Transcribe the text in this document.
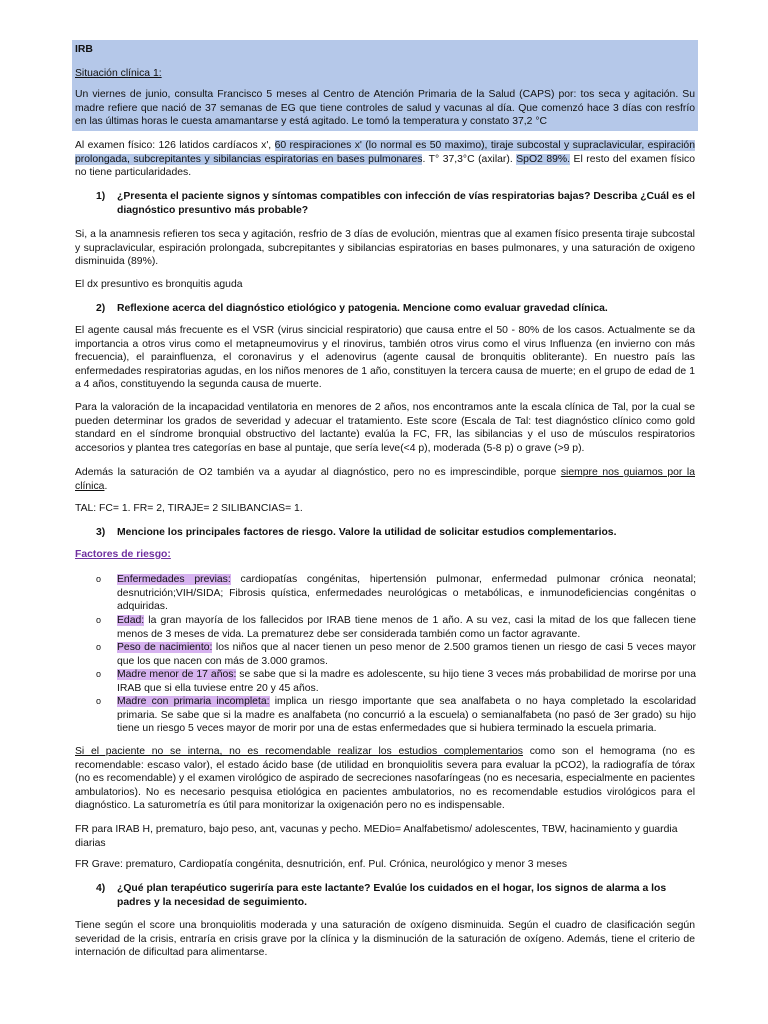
IRB
Situación clínica 1:
Un viernes de junio, consulta Francisco 5 meses al Centro de Atención Primaria de la Salud (CAPS) por: tos seca y agitación. Su madre refiere que nació de 37 semanas de EG que tiene controles de salud y vacunas al día. Que comenzó hace 3 días con resfrío en las últimas horas le cuesta amamantarse y está agitado. Le tomó la temperatura y constato 37,2 °C
Al examen físico: 126 latidos cardíacos x', 60 respiraciones x' (lo normal es 50 maximo), tiraje subcostal y supraclavicular, espiración prolongada, subcrepitantes y sibilancias espiratorias en bases pulmonares. T° 37,3°C (axilar). SpO2 89%. El resto del examen físico no tiene particularidades.
1)	¿Presenta el paciente signos y síntomas compatibles con infección de vías respiratorias bajas? Describa ¿Cuál es el diagnóstico presuntivo más probable?
Si, a la anamnesis refieren tos seca y agitación, resfrio de 3 días de evolución, mientras que al examen físico presenta tiraje subcostal y supraclavicular, espiración prolongada, subcrepitantes y sibilancias espiratorias en bases pulmonares, y una saturación de oxigeno disminuida (89%).
El dx presuntivo es bronquitis aguda
2)	Reflexione acerca del diagnóstico etiológico y patogenia. Mencione como evaluar gravedad clínica.
El agente causal más frecuente es el VSR (virus sincicial respiratorio) que causa entre el 50 - 80% de los casos. Actualmente se da importancia a otros virus como el metapneumovirus y el rinovirus, también otros virus como el virus Influenza (en invierno con más frecuencia), el parainfluenza, el coronavirus y el adenovirus (agente causal de bronquitis obliterante). En nuestro país las enfermedades respiratorias agudas, en los niños menores de 1 año, constituyen la tercera causa de muerte; en el grupo de edad de 1 a 4 años, constituyendo la segunda causa de muerte.
Para la valoración de la incapacidad ventilatoria en menores de 2 años, nos encontramos ante la escala clínica de Tal, por la cual se pueden determinar los grados de severidad y adecuar el tratamiento. Este score (Escala de Tal: test diagnóstico clínico como gold standard en el síndrome bronquial obstructivo del lactante) evalúa la FC, FR, las sibilancias y el uso de músculos respiratorios accesorios y plantea tres categorías en base al puntaje, que sería leve(<4 p), moderada (5-8 p) o grave (>9 p).
Además la saturación de O2 también va a ayudar al diagnóstico, pero no es imprescindible, porque siempre nos guiamos por la clínica.
TAL: FC= 1. FR= 2, TIRAJE= 2 SILIBANCIAS= 1.
3)	Mencione los principales factores de riesgo. Valore la utilidad de solicitar estudios complementarios.
Factores de riesgo:
o Enfermedades previas: cardiopatías congénitas, hipertensión pulmonar, enfermedad pulmonar crónica neonatal; desnutrición;VIH/SIDA; Fibrosis quística, enfermedades neurológicas o metabólicas, e inmunodeficiencias congénitas o adquiridas.
o Edad: la gran mayoría de los fallecidos por IRAB tiene menos de 1 año. A su vez, casi la mitad de los que fallecen tiene menos de 3 meses de vida. La prematurez debe ser considerada también como un factor agravante.
o Peso de nacimiento: los niños que al nacer tienen un peso menor de 2.500 gramos tienen un riesgo de casi 5 veces mayor que los que nacen con más de 3.000 gramos.
o Madre menor de 17 años: se sabe que si la madre es adolescente, su hijo tiene 3 veces más probabilidad de morirse por una IRAB que si ella tuviese entre 20 y 45 años.
o Madre con primaria incompleta: implica un riesgo importante que sea analfabeta o no haya completado la escolaridad primaria. Se sabe que si la madre es analfabeta (no concurrió a la escuela) o semianalfabeta (no pasó de 3er grado) su hijo tiene un riesgo 5 veces mayor de morir por una de estas enfermedades que si hubiera terminado la escuela primaria.
Si el paciente no se interna, no es recomendable realizar los estudios complementarios como son el hemograma (no es recomendable: escaso valor), el estado ácido base (de utilidad en bronquiolitis severa para evaluar la pCO2), la radiografía de tórax (no es recomendable) y el examen virológico de aspirado de secreciones nasofaríngeas (no es necesaria, especialmente en pacientes ambulatorios). No es necesario pesquisa etiológica en pacientes ambulatorios, no es recomendable estudios virológicos para el diagnóstico. La saturometría es útil para monitorizar la oxigenación pero no es indispensable.
FR para IRAB H, prematuro, bajo peso, ant, vacunas y pecho. MEDio= Analfabetismo/ adolescentes, TBW, hacinamiento y guardia diarias
FR Grave: prematuro, Cardiopatía congénita, desnutrición, enf. Pul. Crónica, neurológico y menor 3 meses
4)	¿Qué plan terapéutico sugeriría para este lactante? Evalúe los cuidados en el hogar, los signos de alarma a los padres y la necesidad de seguimiento.
Tiene según el score una bronquiolitis moderada y una saturación de oxígeno disminuida. Según el cuadro de clasificación según severidad de la crisis, entraría en crisis grave por la clínica y la disminución de la saturación de oxígeno. Además, tiene el criterio de internación de dificultad para alimentarse.
